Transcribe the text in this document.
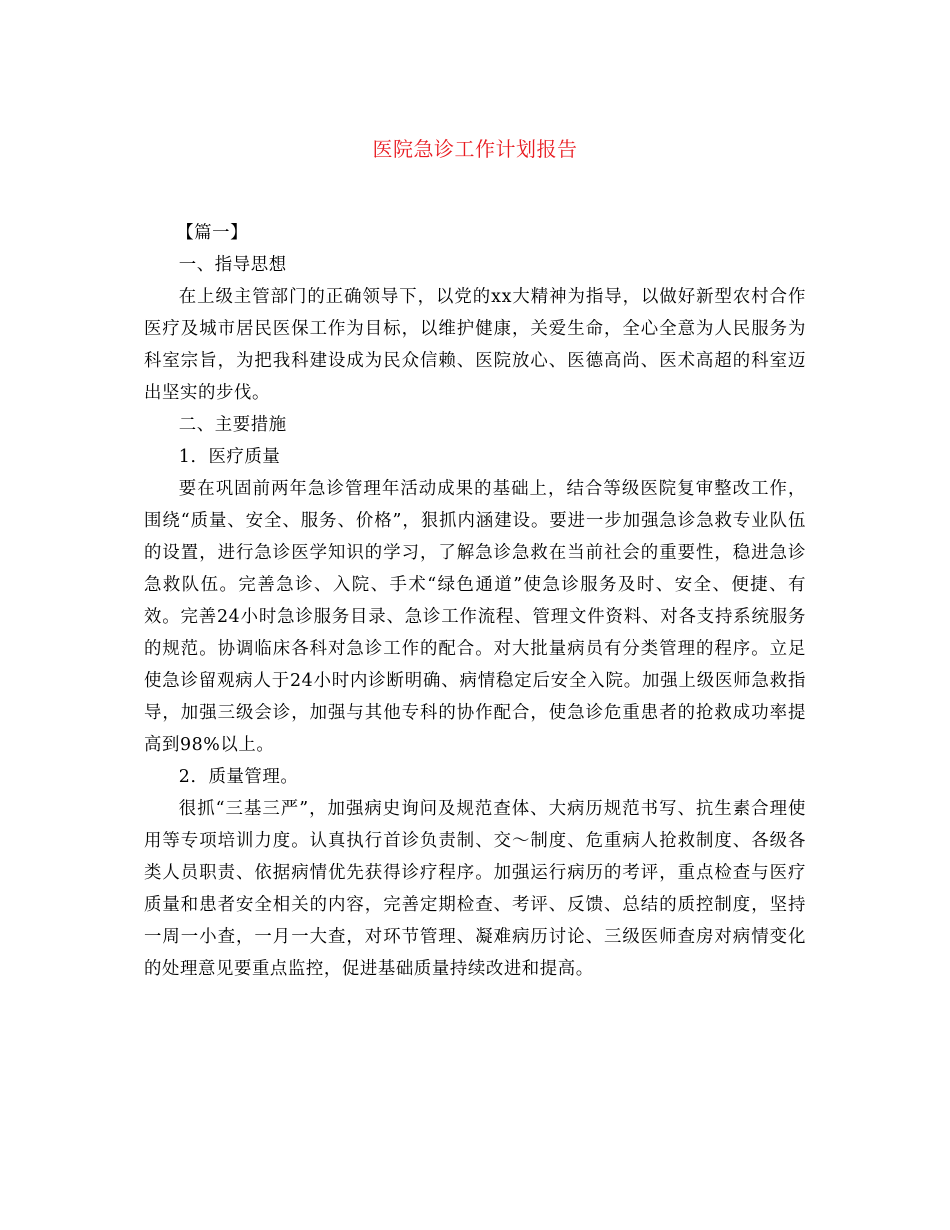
医院急诊工作计划报告

【篇一】

一、指导思想

在上级主管部门的正确领导下，以党的xx大精神为指导，以做好新型农村合作医疗及城市居民医保工作为目标，以维护健康，关爱生命，全心全意为人民服务为科室宗旨，为把我科建设成为民众信赖、医院放心、医德高尚、医术高超的科室迈出坚实的步伐。

二、主要措施

1．医疗质量

要在巩固前两年急诊管理年活动成果的基础上，结合等级医院复审整改工作，围绕“质量、安全、服务、价格”，狠抓内涵建设。要进一步加强急诊急救专业队伍的设置，进行急诊医学知识的学习，了解急诊急救在当前社会的重要性，稳进急诊急救队伍。完善急诊、入院、手术“绿色通道”使急诊服务及时、安全、便捷、有效。完善24小时急诊服务目录、急诊工作流程、管理文件资料、对各支持系统服务的规范。协调临床各科对急诊工作的配合。对大批量病员有分类管理的程序。立足使急诊留观病人于24小时内诊断明确、病情稳定后安全入院。加强上级医师急救指导，加强三级会诊，加强与其他专科的协作配合，使急诊危重患者的抢救成功率提高到98%以上。

2．质量管理。

很抓“三基三严”，加强病史询问及规范查体、大病历规范书写、抗生素合理使用等专项培训力度。认真执行首诊负责制、交～制度、危重病人抢救制度、各级各类人员职责、依据病情优先获得诊疗程序。加强运行病历的考评，重点检查与医疗质量和患者安全相关的内容，完善定期检查、考评、反馈、总结的质控制度，坚持一周一小查，一月一大查，对环节管理、凝难病历讨论、三级医师查房对病情变化的处理意见要重点监控，促进基础质量持续改进和提高。
